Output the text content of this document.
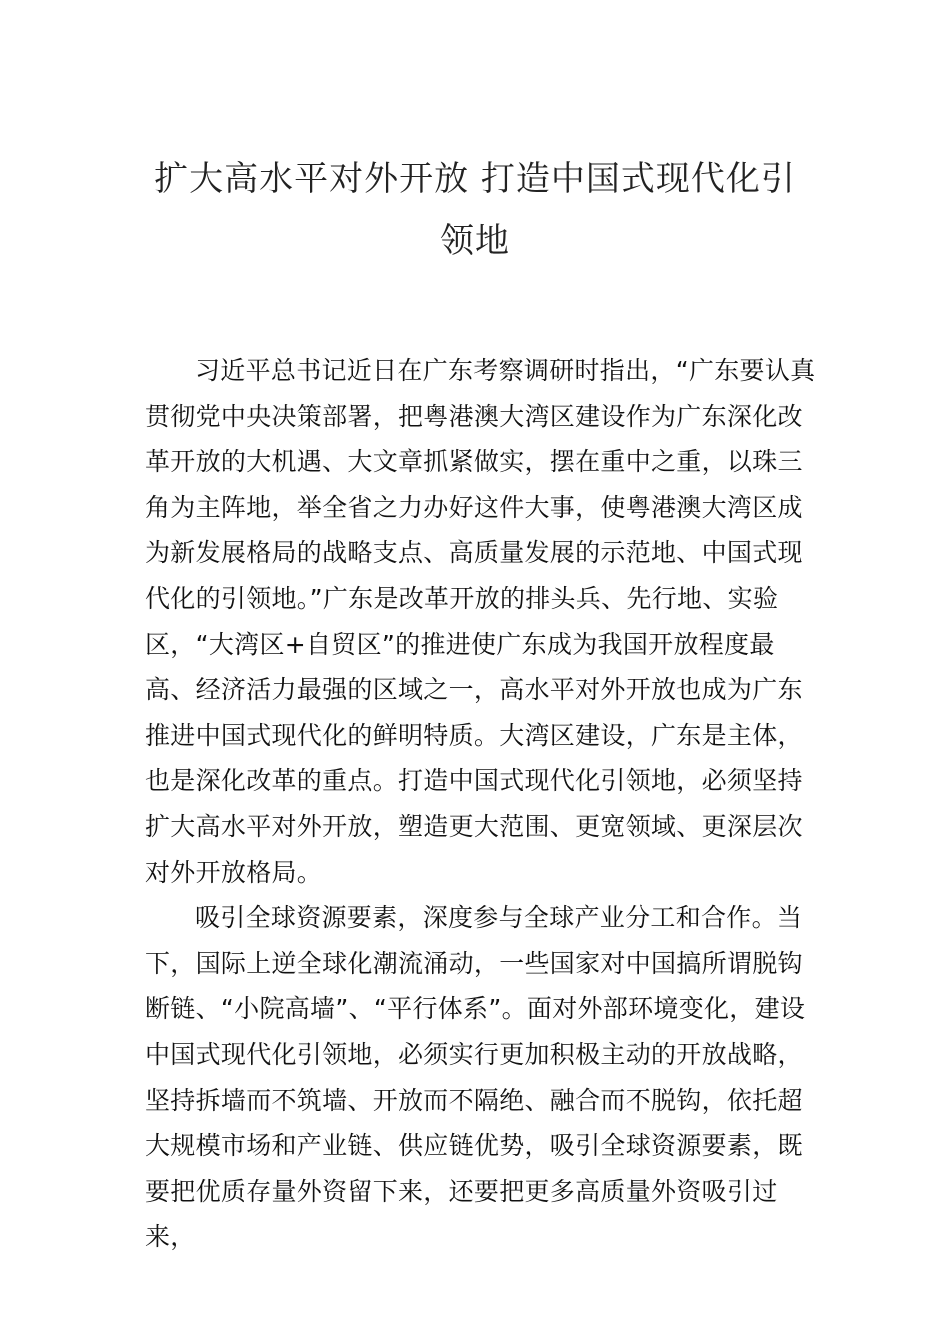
扩大高水平对外开放 打造中国式现代化引领地

习近平总书记近日在广东考察调研时指出，“广东要认真贯彻党中央决策部署，把粤港澳大湾区建设作为广东深化改革开放的大机遇、大文章抓紧做实，摆在重中之重，以珠三角为主阵地，举全省之力办好这件大事，使粤港澳大湾区成为新发展格局的战略支点、高质量发展的示范地、中国式现代化的引领地。”广东是改革开放的排头兵、先行地、实验区，“大湾区+自贸区”的推进使广东成为我国开放程度最高、经济活力最强的区域之一，高水平对外开放也成为广东推进中国式现代化的鲜明特质。大湾区建设，广东是主体，也是深化改革的重点。打造中国式现代化引领地，必须坚持扩大高水平对外开放，塑造更大范围、更宽领域、更深层次对外开放格局。

吸引全球资源要素，深度参与全球产业分工和合作。当下，国际上逆全球化潮流涌动，一些国家对中国搞所谓脱钩断链、“小院高墙”、“平行体系”。面对外部环境变化，建设中国式现代化引领地，必须实行更加积极主动的开放战略， 坚持拆墙而不筑墙、开放而不隔绝、融合而不脱钩，依托超 大规模市场和产业链、供应链优势，吸引全球资源要素，既 要把优质存量外资留下来，还要把更多高质量外资吸引过来，
